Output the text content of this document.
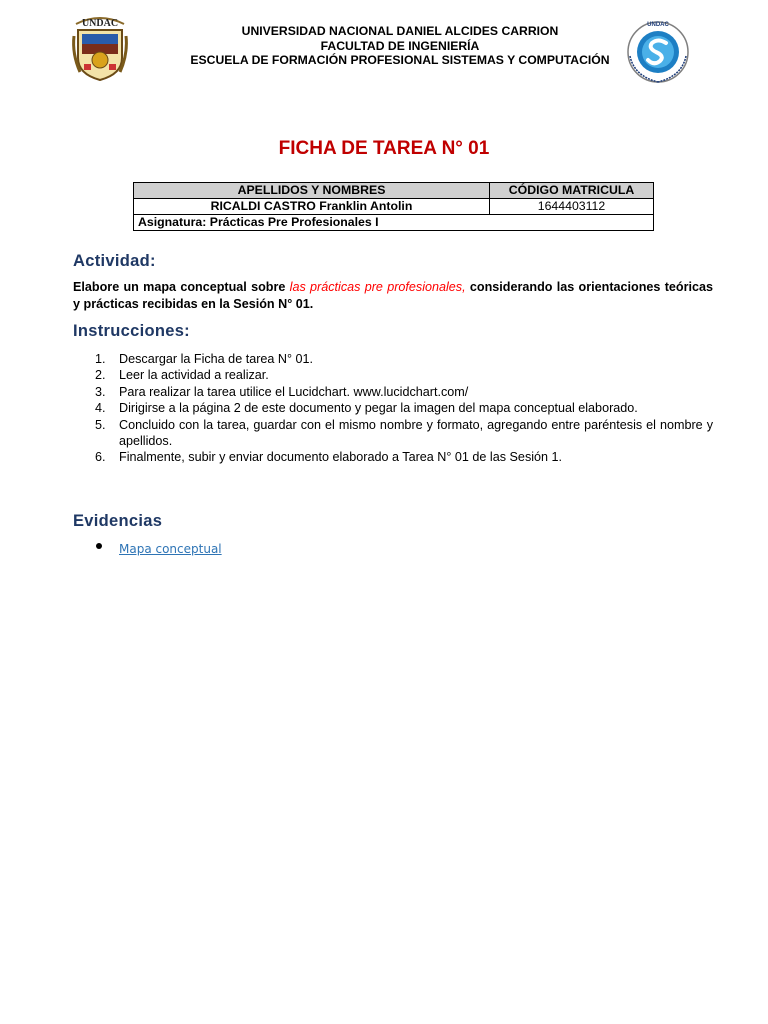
UNDAC
UNIVERSIDAD NACIONAL DANIEL ALCIDES CARRION
FACULTAD DE INGENIERÍA
ESCUELA DE FORMACIÓN PROFESIONAL SISTEMAS Y COMPUTACIÓN
UNDAC
FICHA DE TAREA N° 01
APELLIDOS Y NOMBRES	CÓDIGO MATRICULA
RICALDI CASTRO Franklin Antolin	1644403112
Asignatura: Prácticas Pre Profesionales I	
Actividad:
Elabore un mapa conceptual sobre las prácticas pre profesionales, considerando las orientaciones teóricas y prácticas recibidas en la Sesión N° 01.
Instrucciones:
1. Descargar la Ficha de tarea N° 01.
2. Leer la actividad a realizar.
3. Para realizar la tarea utilice el Lucidchart. www.lucidchart.com/
4. Dirigirse a la página 2 de este documento y pegar la imagen del mapa conceptual elaborado.
5. Concluido con la tarea, guardar con el mismo nombre y formato, agregando entre paréntesis el nombre y apellidos.
6. Finalmente, subir y enviar documento elaborado a Tarea N° 01 de las Sesión 1.
Evidencias
Mapa conceptual
